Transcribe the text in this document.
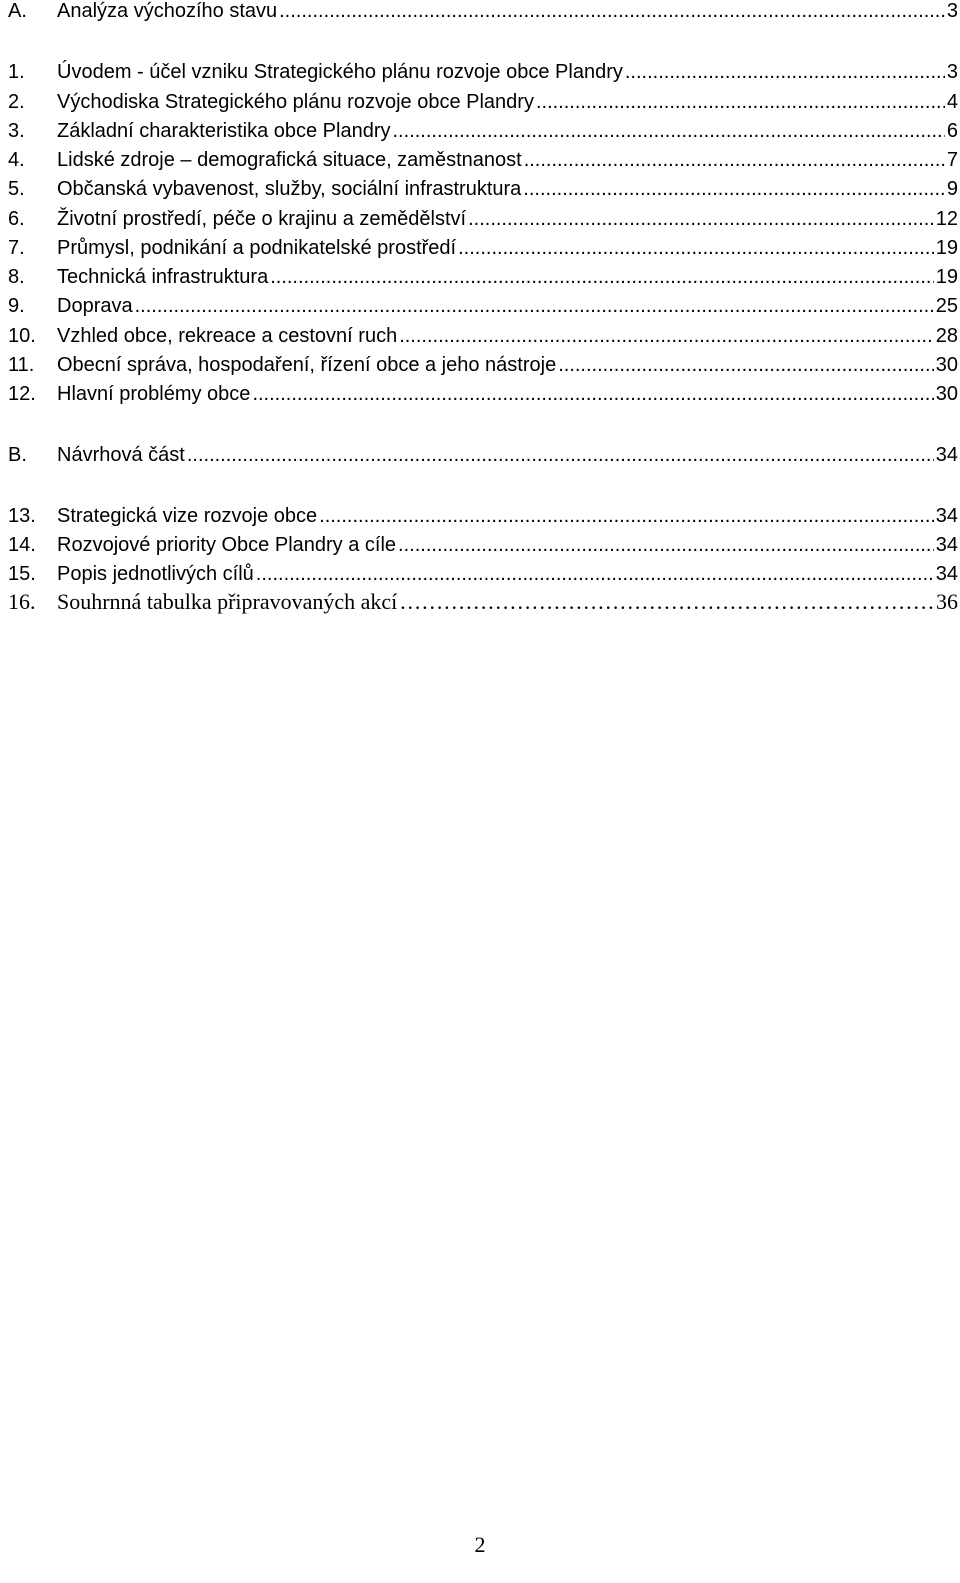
A.	Analýza výchozího stavu .....	3
1.	Úvodem - účel vzniku Strategického plánu rozvoje obce Plandry .....	3
2.	Východiska Strategického plánu rozvoje obce Plandry .....	4
3.	Základní charakteristika obce Plandry .....	6
4.	Lidské zdroje – demografická situace, zaměstnanost .....	7
5.	Občanská vybavenost, služby, sociální infrastruktura .....	9
6.	Životní prostředí, péče o krajinu a zemědělství .....	12
7.	Průmysl, podnikání a podnikatelské prostředí .....	19
8.	Technická infrastruktura .....	19
9.	Doprava .....	25
10.	Vzhled obce, rekreace a cestovní ruch .....	28
11.	Obecní správa, hospodaření, řízení obce a jeho nástroje .....	30
12.	Hlavní problémy obce .....	30
B.	Návrhová část .....	34
13.	Strategická vize rozvoje obce .....	34
14.	Rozvojové priority Obce Plandry a cíle .....	34
15.	Popis jednotlivých cílů .....	34
16. Souhrnná tabulka připravovaných akcí …………………………………………………………………………………………………………………………………………………………………………	36
2
